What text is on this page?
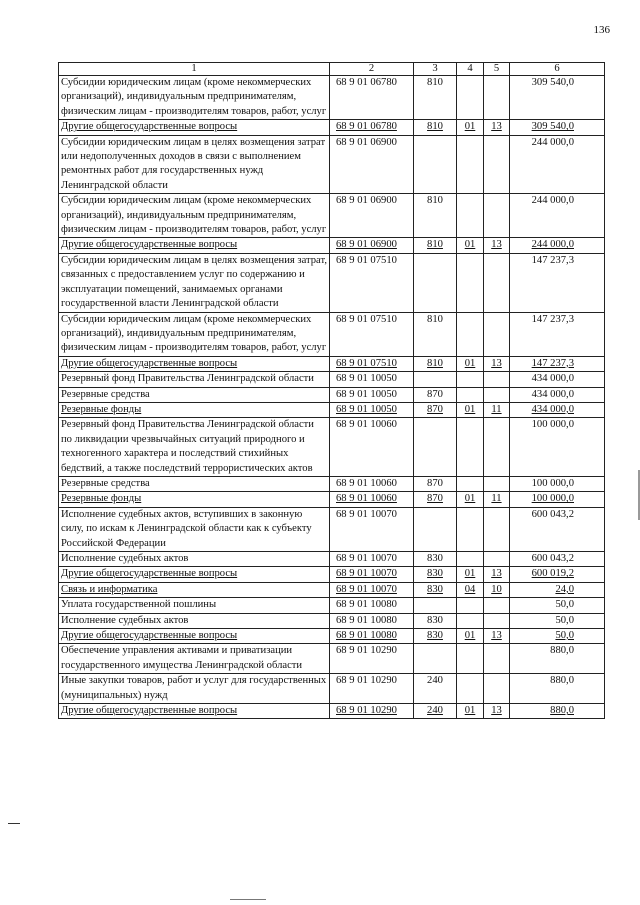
136
1	2	3	4	5	6
Субсидии юридическим лицам (кроме некоммерческих организаций), индивидуальным предпринимателям, физическим лицам - производителям товаров, работ, услуг	68 9 01 06780	810			309 540,0
Другие общегосударственные вопросы	68 9 01 06780	810	01	13	309 540,0
Субсидии юридическим лицам в целях возмещения затрат или недополученных доходов в связи с выполнением ремонтных работ для государственных нужд Ленинградской области	68 9 01 06900				244 000,0
Субсидии юридическим лицам (кроме некоммерческих организаций), индивидуальным предпринимателям, физическим лицам - производителям товаров, работ, услуг	68 9 01 06900	810			244 000,0
Другие общегосударственные вопросы	68 9 01 06900	810	01	13	244 000,0
Субсидии юридическим лицам в целях возмещения затрат, связанных с предоставлением услуг по содержанию и эксплуатации помещений, занимаемых органами государственной власти Ленинградской области	68 9 01 07510				147 237,3
Субсидии юридическим лицам (кроме некоммерческих организаций), индивидуальным предпринимателям, физическим лицам - производителям товаров, работ, услуг	68 9 01 07510	810			147 237,3
Другие общегосударственные вопросы	68 9 01 07510	810	01	13	147 237,3
Резервный фонд Правительства Ленинградской области	68 9 01 10050				434 000,0
Резервные средства	68 9 01 10050	870			434 000,0
Резервные фонды	68 9 01 10050	870	01	11	434 000,0
Резервный фонд Правительства Ленинградской области по ликвидации чрезвычайных ситуаций природного и техногенного характера и последствий стихийных бедствий, а также последствий террористических актов	68 9 01 10060				100 000,0
Резервные средства	68 9 01 10060	870			100 000,0
Резервные фонды	68 9 01 10060	870	01	11	100 000,0
Исполнение судебных актов, вступивших в законную силу, по искам к Ленинградской области как к субъекту Российской Федерации	68 9 01 10070				600 043,2
Исполнение судебных актов	68 9 01 10070	830			600 043,2
Другие общегосударственные вопросы	68 9 01 10070	830	01	13	600 019,2
Связь и информатика	68 9 01 10070	830	04	10	24,0
Уплата государственной пошлины	68 9 01 10080				50,0
Исполнение судебных актов	68 9 01 10080	830			50,0
Другие общегосударственные вопросы	68 9 01 10080	830	01	13	50,0
Обеспечение управления активами и приватизации государственного имущества Ленинградской области	68 9 01 10290				880,0
Иные закупки товаров, работ и услуг для государственных (муниципальных) нужд	68 9 01 10290	240			880,0
Другие общегосударственные вопросы	68 9 01 10290	240	01	13	880,0
